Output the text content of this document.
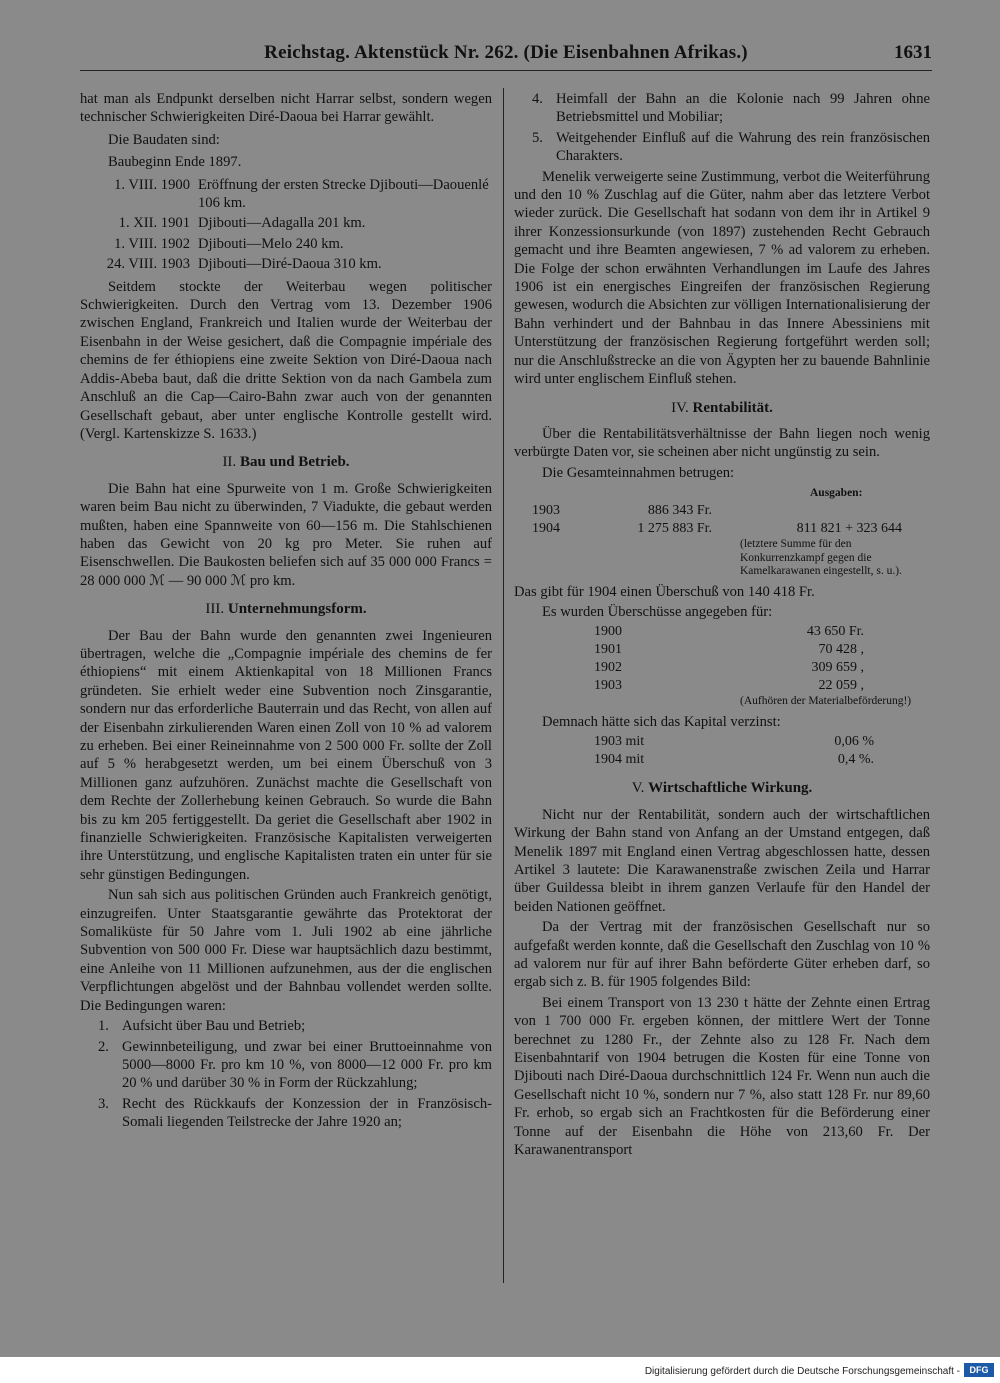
Reichstag. Aktenstück Nr. 262. (Die Eisenbahnen Afrikas.)	1631

hat man als Endpunkt derselben nicht Harrar selbst, sondern wegen technischer Schwierigkeiten Diré-Daoua bei Harrar gewählt.

Die Baudaten sind:

Baubeginn Ende 1897.

1. VIII. 1900 Eröffnung der ersten Strecke Djibouti—Daouenlé 106 km.
1. XII. 1901 Djibouti—Adagalla 201 km.
1. VIII. 1902 Djibouti—Melo 240 km.
24. VIII. 1903 Djibouti—Diré-Daoua 310 km.

Seitdem stockte der Weiterbau wegen politischer Schwierigkeiten. Durch den Vertrag vom 13. Dezember 1906 zwischen England, Frankreich und Italien wurde der Weiterbau der Eisenbahn in der Weise gesichert, daß die Compagnie impériale des chemins de fer éthiopiens eine zweite Sektion von Diré-Daoua nach Addis-Abeba baut, daß die dritte Sektion von da nach Gambela zum Anschluß an die Cap—Cairo-Bahn zwar auch von der genannten Gesellschaft gebaut, aber unter englische Kontrolle gestellt wird. (Vergl. Kartenskizze S. 1633.)

II. Bau und Betrieb.

Die Bahn hat eine Spurweite von 1 m. Große Schwierigkeiten waren beim Bau nicht zu überwinden, 7 Viadukte, die gebaut werden mußten, haben eine Spannweite von 60—156 m. Die Stahlschienen haben das Gewicht von 20 kg pro Meter. Sie ruhen auf Eisenschwellen. Die Baukosten beliefen sich auf 35 000 000 Francs = 28 000 000 ℳ — 90 000 ℳ pro km.

III. Unternehmungsform.

Der Bau der Bahn wurde den genannten zwei Ingenieuren übertragen, welche die „Compagnie impériale des chemins de fer éthiopiens“ mit einem Aktienkapital von 18 Millionen Francs gründeten. Sie erhielt weder eine Subvention noch Zinsgarantie, sondern nur das erforderliche Bauterrain und das Recht, von allen auf der Eisenbahn zirkulierenden Waren einen Zoll von 10 % ad valorem zu erheben. Bei einer Reineinnahme von 2 500 000 Fr. sollte der Zoll auf 5 % herabgesetzt werden, um bei einem Überschuß von 3 Millionen ganz aufzuhören. Zunächst machte die Gesellschaft von dem Rechte der Zollerhebung keinen Gebrauch. So wurde die Bahn bis zu km 205 fertiggestellt. Da geriet die Gesellschaft aber 1902 in finanzielle Schwierigkeiten. Französische Kapitalisten verweigerten ihre Unterstützung, und englische Kapitalisten traten ein unter für sie sehr günstigen Bedingungen.

Nun sah sich aus politischen Gründen auch Frankreich genötigt, einzugreifen. Unter Staatsgarantie gewährte das Protektorat der Somaliküste für 50 Jahre vom 1. Juli 1902 ab eine jährliche Subvention von 500 000 Fr. Diese war hauptsächlich dazu bestimmt, eine Anleihe von 11 Millionen aufzunehmen, aus der die englischen Verpflichtungen abgelöst und der Bahnbau vollendet werden sollte. Die Bedingungen waren:

1. Aufsicht über Bau und Betrieb;
2. Gewinnbeteiligung, und zwar bei einer Bruttoeinnahme von 5000—8000 Fr. pro km 10 %, von 8000—12 000 Fr. pro km 20 % und darüber 30 % in Form der Rückzahlung;
3. Recht des Rückkaufs der Konzession der in Französisch-Somali liegenden Teilstrecke der Jahre 1920 an;
4. Heimfall der Bahn an die Kolonie nach 99 Jahren ohne Betriebsmittel und Mobiliar;
5. Weitgehender Einfluß auf die Wahrung des rein französischen Charakters.

Menelik verweigerte seine Zustimmung, verbot die Weiterführung und den 10 % Zuschlag auf die Güter, nahm aber das letztere Verbot wieder zurück. Die Gesellschaft hat sodann von dem ihr in Artikel 9 ihrer Konzessionsurkunde (von 1897) zustehenden Recht Gebrauch gemacht und ihre Beamten angewiesen, 7 % ad valorem zu erheben. Die Folge der schon erwähnten Verhandlungen im Laufe des Jahres 1906 ist ein energisches Eingreifen der französischen Regierung gewesen, wodurch die Absichten zur völligen Internationalisierung der Bahn verhindert und der Bahnbau in das Innere Abessiniens mit Unterstützung der französischen Regierung fortgeführt werden soll; nur die Anschlußstrecke an die von Ägypten her zu bauende Bahnlinie wird unter englischem Einfluß stehen.

IV. Rentabilität.

Über die Rentabilitätsverhältnisse der Bahn liegen noch wenig verbürgte Daten vor, sie scheinen aber nicht ungünstig zu sein.

Die Gesamteinnahmen betrugen:

Ausgaben:
1903	886 343 Fr.
1904	1 275 883 Fr.	811 821 + 323 644
(letztere Summe für den Konkurrenzkampf gegen die Kamelkarawanen eingestellt, s. u.).

Das gibt für 1904 einen Überschuß von 140 418 Fr.

Es wurden Überschüsse angegeben für:

1900	43 650 Fr.
1901	70 428 ,
1902	309 659 ,
1903	22 059 ,
(Aufhören der Materialbeförderung!)

Demnach hätte sich das Kapital verzinst:

1903 mit	0,06 %
1904 mit	0,4 %.
V. Wirtschaftliche Wirkung.

Nicht nur der Rentabilität, sondern auch der wirtschaftlichen Wirkung der Bahn stand von Anfang an der Umstand entgegen, daß Menelik 1897 mit England einen Vertrag abgeschlossen hatte, dessen Artikel 3 lautete: Die Karawanenstraße zwischen Zeila und Harrar über Guildessa bleibt in ihrem ganzen Verlaufe für den Handel der beiden Nationen geöffnet.

Da der Vertrag mit der französischen Gesellschaft nur so aufgefaßt werden konnte, daß die Gesellschaft den Zuschlag von 10 % ad valorem nur für auf ihrer Bahn beförderte Güter erheben darf, so ergab sich z. B. für 1905 folgendes Bild:

Bei einem Transport von 13 230 t hätte der Zehnte einen Ertrag von 1 700 000 Fr. ergeben können, der mittlere Wert der Tonne berechnet zu 1280 Fr., der Zehnte also zu 128 Fr. Nach dem Eisenbahntarif von 1904 betrugen die Kosten für eine Tonne von Djibouti nach Diré-Daoua durchschnittlich 124 Fr. Wenn nun auch die Gesellschaft nicht 10 %, sondern nur 7 %, also statt 128 Fr. nur 89,60 Fr. erhob, so ergab sich an Frachtkosten für die Beförderung einer Tonne auf der Eisenbahn die Höhe von 213,60 Fr. Der Karawanentransport

Digitalisierung gefördert durch die Deutsche Forschungsgemeinschaft -	DFG
